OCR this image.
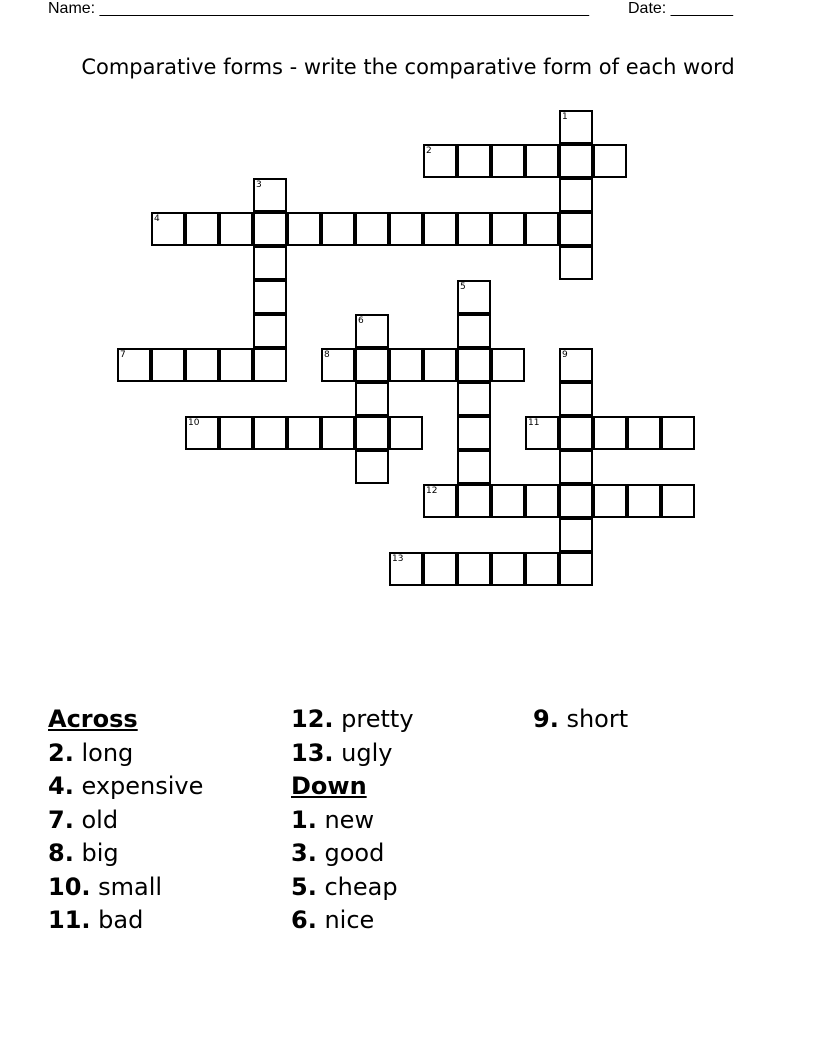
Name: _______________________________________________________ Date: _______
Comparative forms - write the comparative form of each word
2
4
7	8
10	11
12
13
1
3
5
6
9
Across
2. long
4. expensive
7. old
8. big
10. small
11. bad
12. pretty
13. ugly
Down
1. new
3. good
5. cheap
6. nice
9. short
